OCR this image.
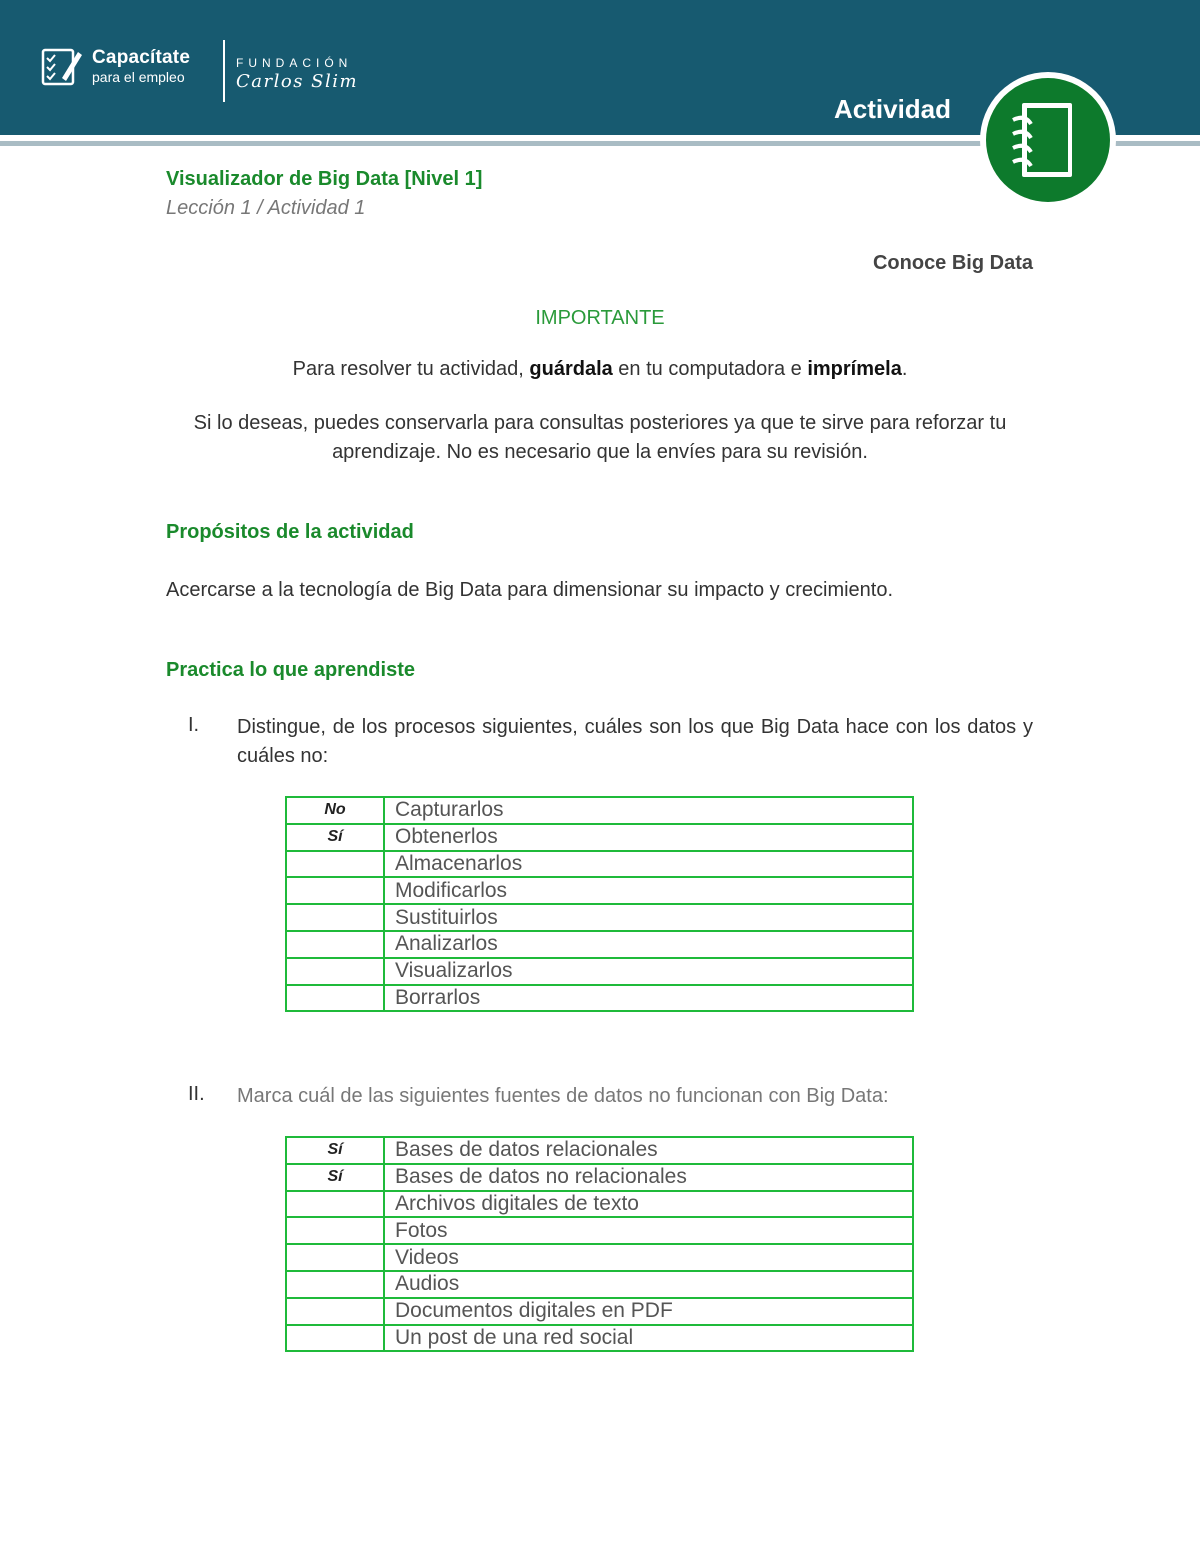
Capacítate
para el empleo
FUNDACIÓN
Carlos Slim
Actividad
Visualizador de Big Data [Nivel 1]
Lección 1 / Actividad 1
Conoce Big Data
IMPORTANTE
Para resolver tu actividad, guárdala en tu computadora e imprímela.
Si lo deseas, puedes conservarla para consultas posteriores ya que te sirve para reforzar tu aprendizaje. No es necesario que la envíes para su revisión.
Propósitos de la actividad
Acercarse a la tecnología de Big Data para dimensionar su impacto y crecimiento.
Practica lo que aprendiste
I. Distingue, de los procesos siguientes, cuáles son los que Big Data hace con los datos y cuáles no:
No	Capturarlos
Sí	Obtenerlos
	Almacenarlos
	Modificarlos
	Sustituirlos
	Analizarlos
	Visualizarlos
	Borrarlos
II. Marca cuál de las siguientes fuentes de datos no funcionan con Big Data:
Sí	Bases de datos relacionales
Sí	Bases de datos no relacionales
	Archivos digitales de texto
	Fotos
	Videos
	Audios
	Documentos digitales en PDF
	Un post de una red social
